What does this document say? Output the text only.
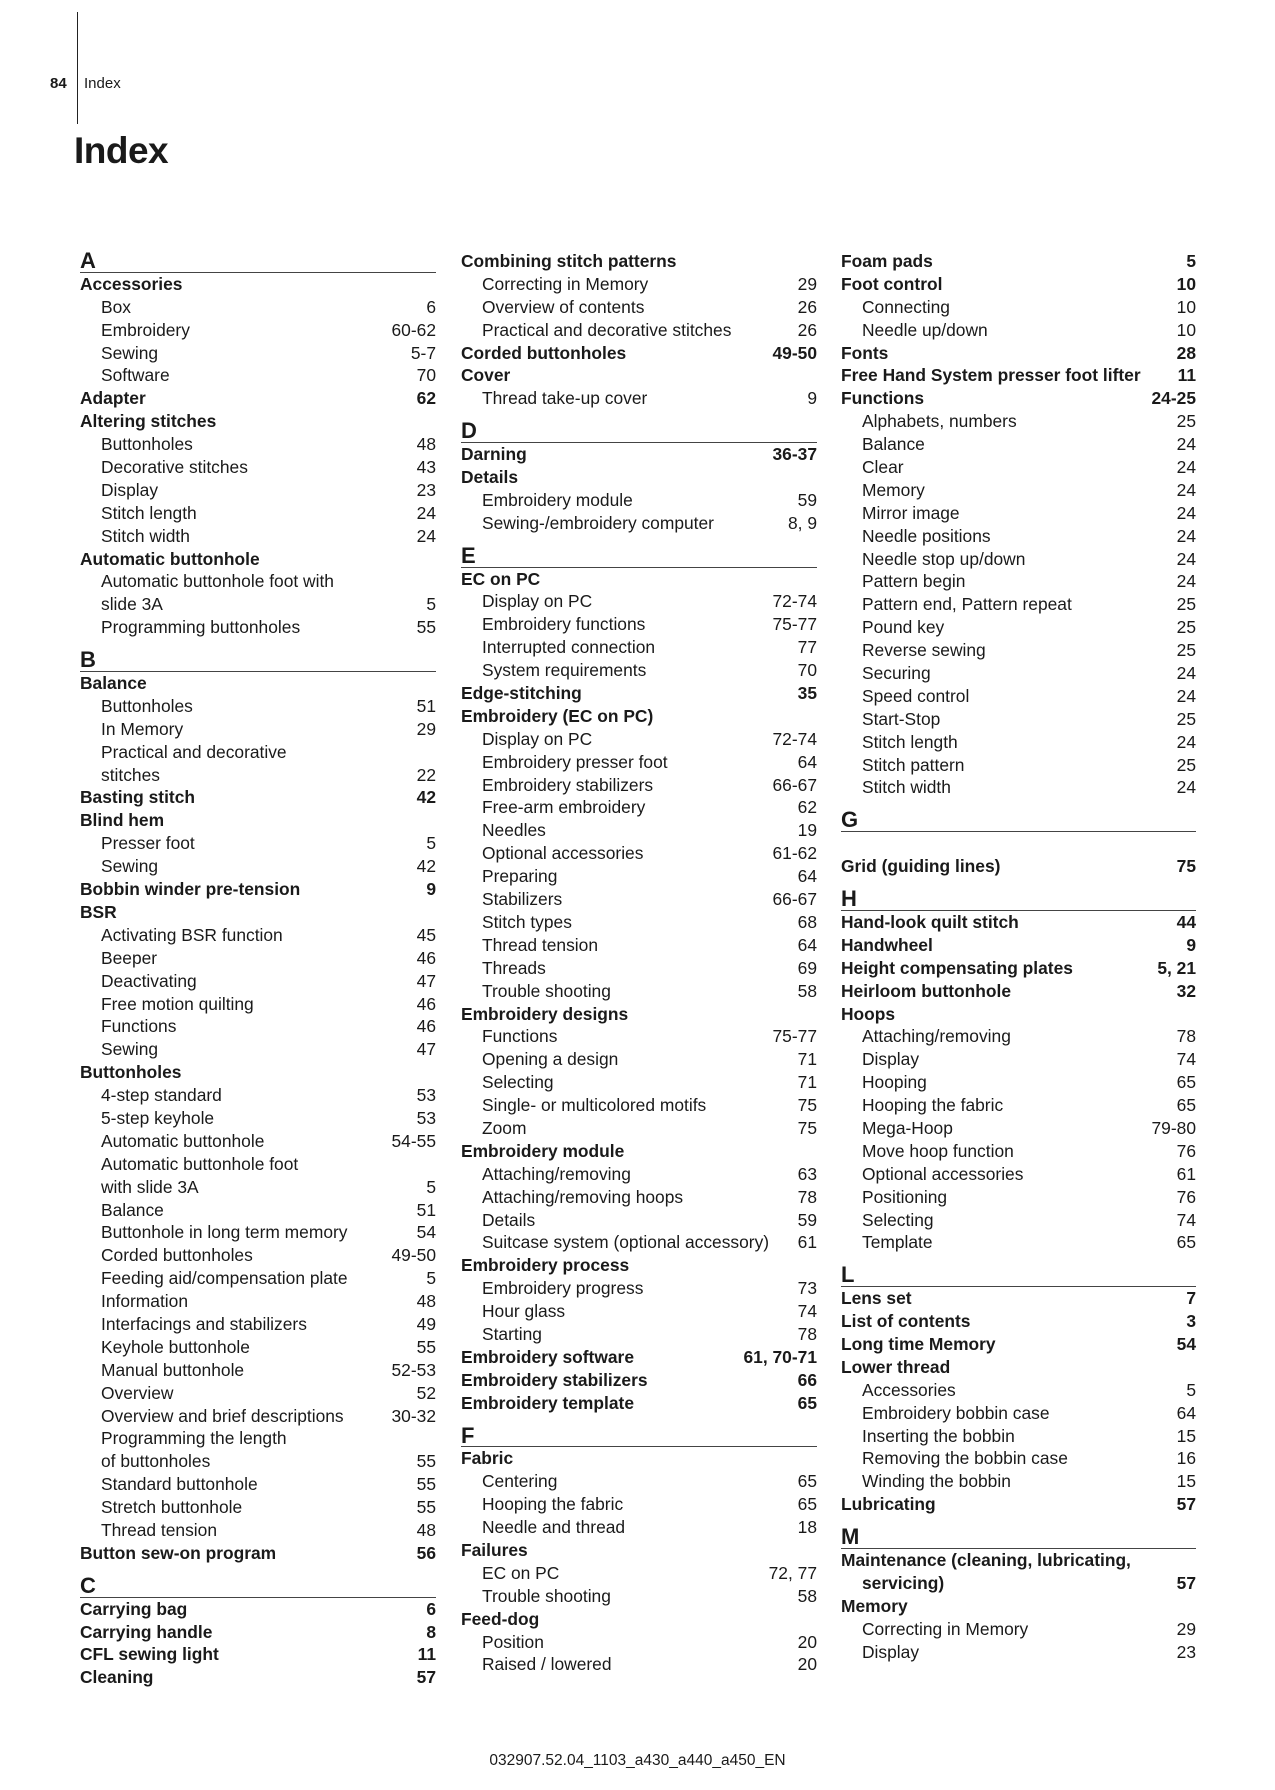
84 Index
Index
A
Accessories
Box	6
Embroidery	60-62
Sewing	5-7
Software	70
Adapter	62
Altering stitches
Buttonholes	48
Decorative stitches	43
Display	23
Stitch length	24
Stitch width	24
Automatic buttonhole
Automatic buttonhole foot with
slide 3A	5
Programming buttonholes	55
B
Balance
Buttonholes	51
In Memory	29
Practical and decorative
stitches	22
Basting stitch	42
Blind hem
Presser foot	5
Sewing	42
Bobbin winder pre-tension	9
BSR
Activating BSR function	45
Beeper	46
Deactivating	47
Free motion quilting	46
Functions	46
Sewing	47
Buttonholes
4-step standard	53
5-step keyhole	53
Automatic buttonhole	54-55
Automatic buttonhole foot
with slide 3A	5
Balance	51
Buttonhole in long term memory	54
Corded buttonholes	49-50
Feeding aid/compensation plate	5
Information	48
Interfacings and stabilizers	49
Keyhole buttonhole	55
Manual buttonhole	52-53
Overview	52
Overview and brief descriptions	30-32
Programming the length
of buttonholes	55
Standard buttonhole	55
Stretch buttonhole	55
Thread tension	48
Button sew-on program	56
C
Carrying bag	6
Carrying handle	8
CFL sewing light	11
Cleaning	57
Combining stitch patterns
Correcting in Memory	29
Overview of contents	26
Practical and decorative stitches	26
Corded buttonholes	49-50
Cover
Thread take-up cover	9
D
Darning	36-37
Details
Embroidery module	59
Sewing-/embroidery computer	8, 9
E
EC on PC
Display on PC	72-74
Embroidery functions	75-77
Interrupted connection	77
System requirements	70
Edge-stitching	35
Embroidery (EC on PC)
Display on PC	72-74
Embroidery presser foot	64
Embroidery stabilizers	66-67
Free-arm embroidery	62
Needles	19
Optional accessories	61-62
Preparing	64
Stabilizers	66-67
Stitch types	68
Thread tension	64
Threads	69
Trouble shooting	58
Embroidery designs
Functions	75-77
Opening a design	71
Selecting	71
Single- or multicolored motifs	75
Zoom	75
Embroidery module
Attaching/removing	63
Attaching/removing hoops	78
Details	59
Suitcase system (optional accessory) 61
Embroidery process
Embroidery progress	73
Hour glass	74
Starting	78
Embroidery software	61, 70-71
Embroidery stabilizers	66
Embroidery template	65
F
Fabric
Centering	65
Hooping the fabric	65
Needle and thread	18
Failures
EC on PC	72, 77
Trouble shooting	58
Feed-dog
Position	20
Raised / lowered	20
Foam pads	5
Foot control	10
Connecting	10
Needle up/down	10
Fonts	28
Free Hand System presser foot lifter 11
Functions	24-25
Alphabets, numbers	25
Balance	24
Clear	24
Memory	24
Mirror image	24
Needle positions	24
Needle stop up/down	24
Pattern begin	24
Pattern end, Pattern repeat	25
Pound key	25
Reverse sewing	25
Securing	24
Speed control	24
Start-Stop	25
Stitch length	24
Stitch pattern	25
Stitch width	24
G
Grid (guiding lines)	75
H
Hand-look quilt stitch	44
Handwheel	9
Height compensating plates	5, 21
Heirloom buttonhole	32
Hoops
Attaching/removing	78
Display	74
Hooping	65
Hooping the fabric	65
Mega-Hoop	79-80
Move hoop function	76
Optional accessories	61
Positioning	76
Selecting	74
Template	65
L
Lens set	7
List of contents	3
Long time Memory	54
Lower thread
Accessories	5
Embroidery bobbin case	64
Inserting the bobbin	15
Removing the bobbin case	16
Winding the bobbin	15
Lubricating	57
M
Maintenance (cleaning, lubricating,
servicing)	57
Memory
Correcting in Memory	29
Display	23
032907.52.04_1103_a430_a440_a450_EN
